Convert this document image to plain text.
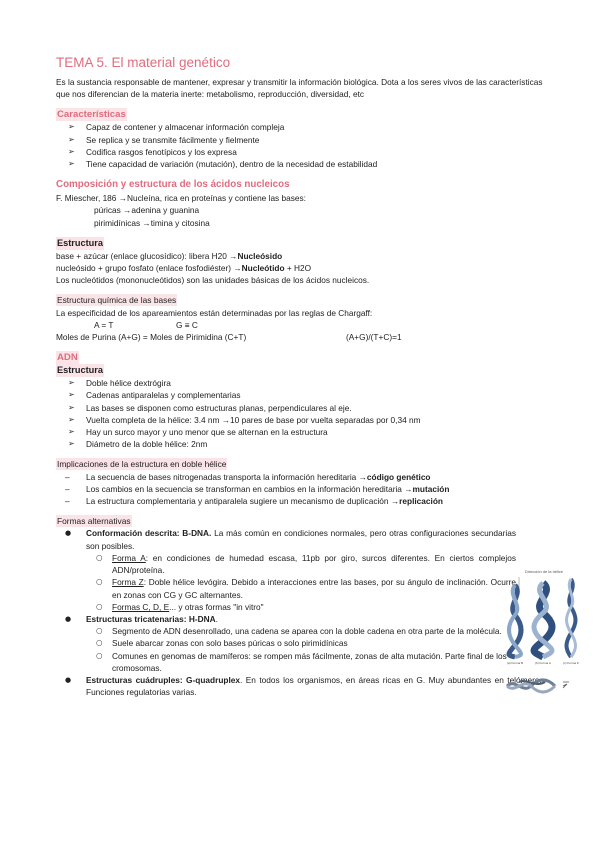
TEMA 5. El material genético

Es la sustancia responsable de mantener, expresar y transmitir la información biológica. Dota a los seres vivos de las características que nos diferencian de la materia inerte: metabolismo, reproducción, diversidad, etc

Características
➢ Capaz de contener y almacenar información compleja
➢ Se replica y se transmite fácilmente y fielmente
➢ Codifica rasgos fenotípicos y los expresa
➢ Tiene capacidad de variación (mutación), dentro de la necesidad de estabilidad
Composición y estructura de los ácidos nucleicos
F. Miescher, 186 →Nucleína, rica en proteínas y contiene las bases:
púricas →adenina y guanina
pirimidínicas →timina y citosina
Estructura
base + azúcar (enlace glucosídico): libera H20 →Nucleósido
nucleósido + grupo fosfato (enlace fosfodiéster) →Nucleótido + H2O
Los nucleótidos (mononucleótidos) son las unidades básicas de los ácidos nucleicos.
Estructura química de las bases
La especificidad de los apareamientos están determinadas por las reglas de Chargaff:
A = T	G ≡ C
Moles de Purina (A+G) = Moles de Pirimidina (C+T)	(A+G)/(T+C)=1
ADN
Estructura
➢ Doble hélice dextrógira
➢ Cadenas antiparalelas y complementarias
➢ Las bases se disponen como estructuras planas, perpendiculares al eje.
➢ Vuelta completa de la hélice: 3.4 nm →10 pares de base por vuelta separadas por 0,34 nm
➢ Hay un surco mayor y uno menor que se alternan en la estructura
➢ Diámetro de la doble hélice: 2nm
Implicaciones de la estructura en doble hélice
– La secuencia de bases nitrogenadas transporta la información hereditaria →código genético
– Los cambios en la secuencia se transforman en cambios en la información hereditaria →mutación
– La estructura complementaria y antiparalela sugiere un mecanismo de duplicación →replicación
Formas alternativas
● Conformación descrita: B-DNA. La más común en condiciones normales, pero otras configuraciones secundarias son posibles.
○ Forma A: en condiciones de humedad escasa, 11pb por giro, surcos diferentes. En ciertos complejos ADN/proteína.
○ Forma Z: Doble hélice levógira. Debido a interacciones entre las bases, por su ángulo de inclinación. Ocurre en zonas con CG y GC alternantes.
○ Formas C, D, E... y otras formas "in vitro"
● Estructuras tricatenarias: H-DNA.
○ Segmento de ADN desenrollado, una cadena se aparea con la doble cadena en otra parte de la molécula.
○ Suele abarcar zonas con solo bases púricas o solo pirimidínicas
○ Comunes en genomas de mamíferos: se rompen más fácilmente, zonas de alta mutación. Parte final de los cromosomas.
● Estructuras cuádruples: G-quadruplex. En todos los organismos, en áreas ricas en G. Muy abundantes en telómeros. Funciones regulatorias varias.
Dirección de la hélice
(a) Forma B	(b) Forma A	(c) Forma Z
